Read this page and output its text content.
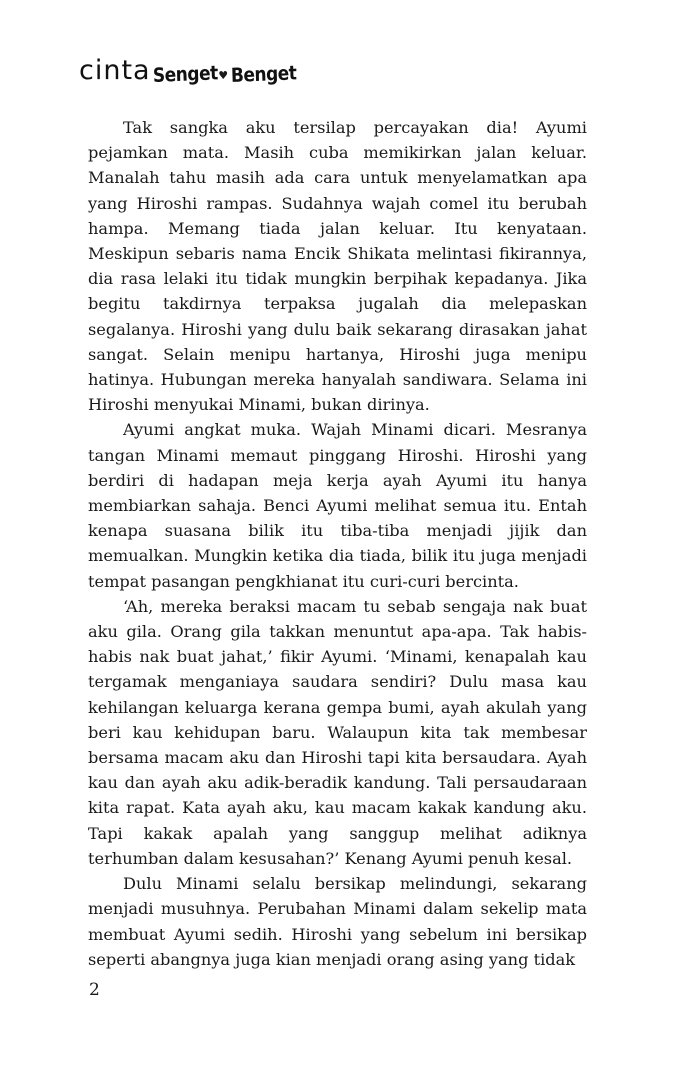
cinta Senget ♥ Benget

Tak sangka aku tersilap percayakan dia! Ayumi pejamkan mata. Masih cuba memikirkan jalan keluar. Manalah tahu masih ada cara untuk menyelamatkan apa yang Hiroshi rampas. Sudahnya wajah comel itu berubah hampa. Memang tiada jalan keluar. Itu kenyataan. Meskipun sebaris nama Encik Shikata melintasi fikirannya, dia rasa lelaki itu tidak mungkin berpihak kepadanya. Jika begitu takdirnya terpaksa jugalah dia melepaskan segalanya. Hiroshi yang dulu baik sekarang dirasakan jahat sangat. Selain menipu hartanya, Hiroshi juga menipu hatinya. Hubungan mereka hanyalah sandiwara. Selama ini Hiroshi menyukai Minami, bukan dirinya.

Ayumi angkat muka. Wajah Minami dicari. Mesranya tangan Minami memaut pinggang Hiroshi. Hiroshi yang berdiri di hadapan meja kerja ayah Ayumi itu hanya membiarkan sahaja. Benci Ayumi melihat semua itu. Entah kenapa suasana bilik itu tiba-tiba menjadi jijik dan memualkan. Mungkin ketika dia tiada, bilik itu juga menjadi tempat pasangan pengkhianat itu curi-curi bercinta.

‘Ah, mereka beraksi macam tu sebab sengaja nak buat aku gila. Orang gila takkan menuntut apa-apa. Tak habis-habis nak buat jahat,’ fikir Ayumi. ‘Minami, kenapalah kau tergamak menganiaya saudara sendiri? Dulu masa kau kehilangan keluarga kerana gempa bumi, ayah akulah yang beri kau kehidupan baru. Walaupun kita tak membesar bersama macam aku dan Hiroshi tapi kita bersaudara. Ayah kau dan ayah aku adik-beradik kandung. Tali persaudaraan kita rapat. Kata ayah aku, kau macam kakak kandung aku. Tapi kakak apalah yang sanggup melihat adiknya terhumban dalam kesusahan?’ Kenang Ayumi penuh kesal.

Dulu Minami selalu bersikap melindungi, sekarang menjadi musuhnya. Perubahan Minami dalam sekelip mata membuat Ayumi sedih. Hiroshi yang sebelum ini bersikap seperti abangnya juga kian menjadi orang asing yang tidak

2
